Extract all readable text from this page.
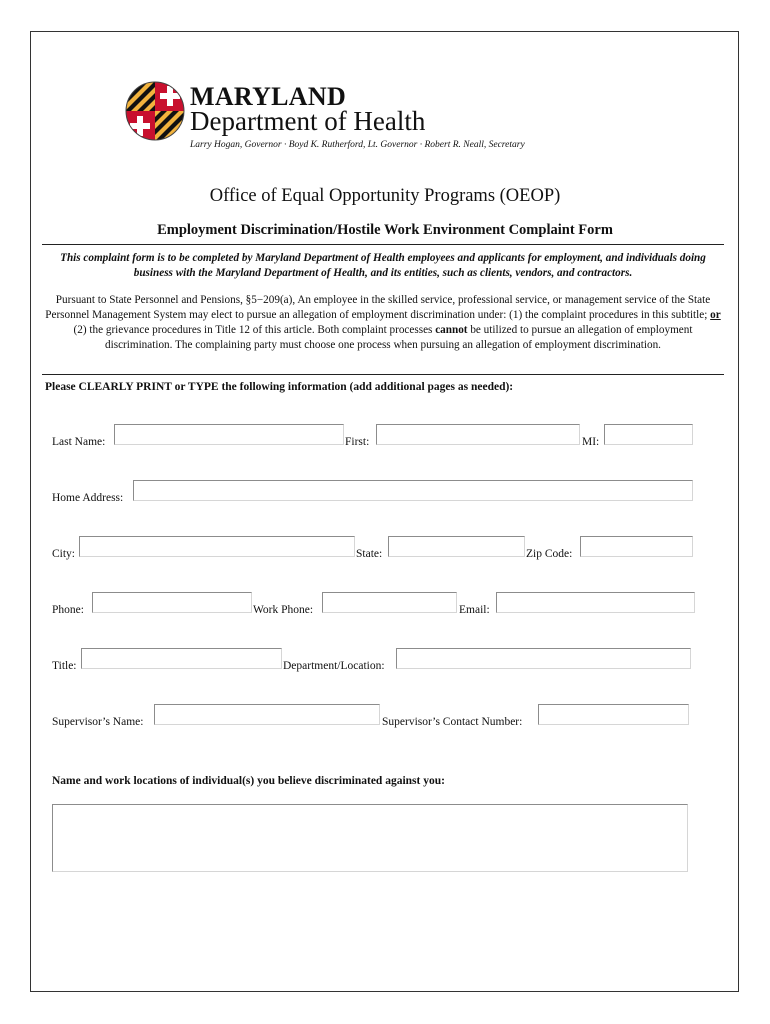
MARYLAND
Department of Health
Larry Hogan, Governor · Boyd K. Rutherford, Lt. Governor · Robert R. Neall, Secretary
Office of Equal Opportunity Programs (OEOP)
Employment Discrimination/Hostile Work Environment Complaint Form
This complaint form is to be completed by Maryland Department of Health employees and applicants for employment, and individuals doing business with the Maryland Department of Health, and its entities, such as clients, vendors, and contractors.
Pursuant to State Personnel and Pensions, §5−209(a), An employee in the skilled service, professional service, or management service of the State Personnel Management System may elect to pursue an allegation of employment discrimination under: (1) the complaint procedures in this subtitle; or (2) the grievance procedures in Title 12 of this article. Both complaint processes cannot be utilized to pursue an allegation of employment discrimination. The complaining party must choose one process when pursuing an allegation of employment discrimination.
Please CLEARLY PRINT or TYPE the following information (add additional pages as needed):
Last Name:	First:	MI:
Home Address:
City:	State:	Zip Code:
Phone:	Work Phone:	Email:
Title:	Department/Location:
Supervisor’s Name:	Supervisor’s Contact Number:
Name and work locations of individual(s) you believe discriminated against you:
